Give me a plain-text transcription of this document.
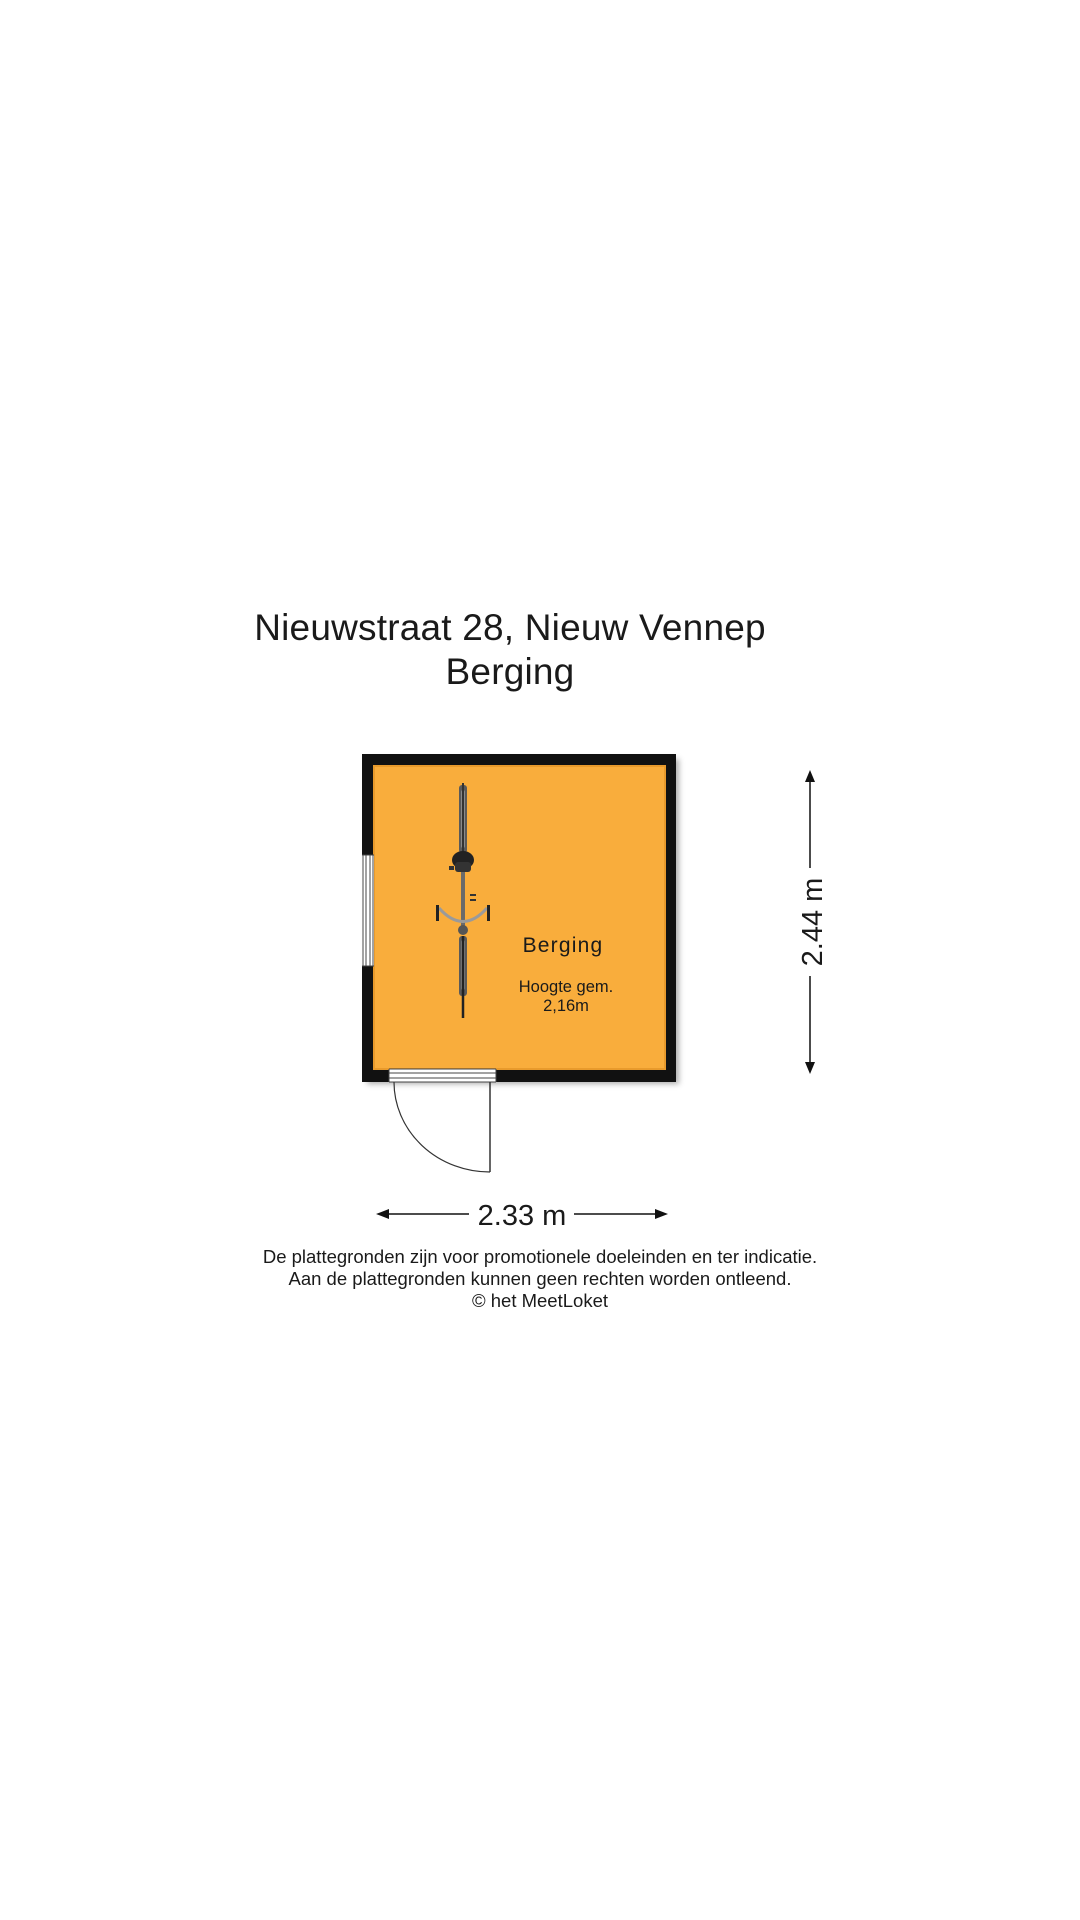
Nieuwstraat 28, Nieuw Vennep
Berging
Berging
Hoogte gem.
2,16m
2.44 m
2.33 m
De plattegronden zijn voor promotionele doeleinden en ter indicatie.
Aan de plattegronden kunnen geen rechten worden ontleend.
© het MeetLoket
